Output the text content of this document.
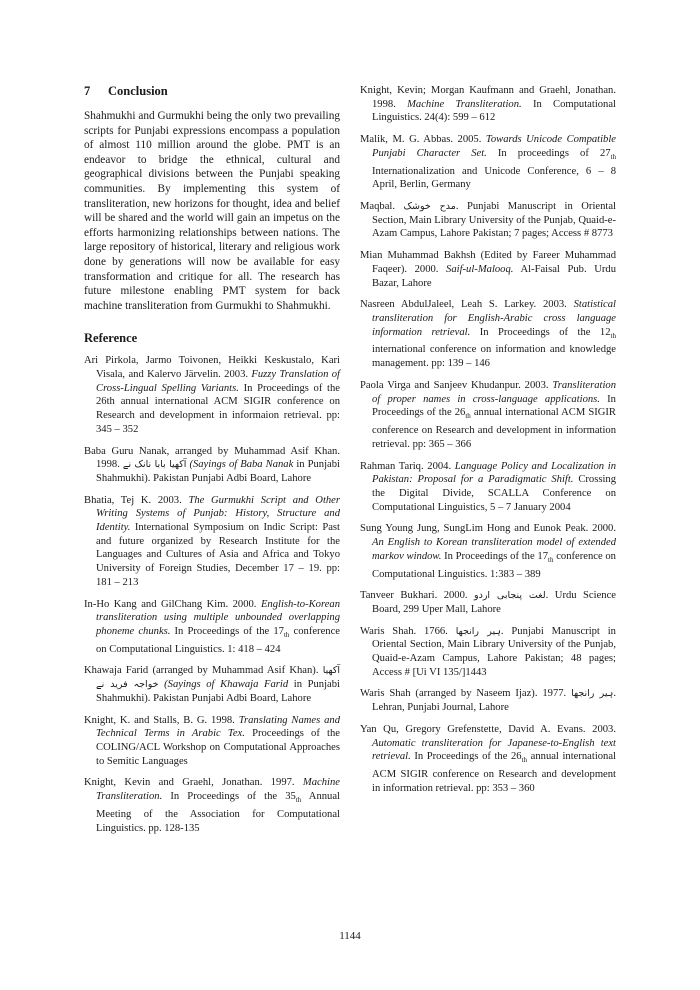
7 Conclusion

Shahmukhi and Gurmukhi being the only two prevailing scripts for Punjabi expressions encompass a population of almost 110 million around the globe. PMT is an endeavor to bridge the ethnical, cultural and geographical divisions between the Punjabi speaking communities. By implementing this system of transliteration, new horizons for thought, idea and belief will be shared and the world will gain an impetus on the efforts harmonizing relationships between nations. The large repository of historical, literary and religious work done by generations will now be available for easy transformation and critique for all. The research has future milestone enabling PMT system for back machine transliteration from Gurmukhi to Shahmukhi.

Reference

Ari Pirkola, Jarmo Toivonen, Heikki Keskustalo, Kari Visala, and Kalervo Järvelin. 2003. Fuzzy Translation of Cross-Lingual Spelling Variants. In Proceedings of the 26th annual international ACM SIGIR conference on Research and development in informaion retrieval. pp: 345 – 352

Baba Guru Nanak, arranged by Muhammad Asif Khan. 1998. آکھیا بابا نانک نے (Sayings of Baba Nanak in Punjabi Shahmukhi). Pakistan Punjabi Adbi Board, Lahore

Bhatia, Tej K. 2003. The Gurmukhi Script and Other Writing Systems of Punjab: History, Structure and Identity. International Symposium on Indic Script: Past and future organized by Research Institute for the Languages and Cultures of Asia and Africa and Tokyo University of Foreign Studies, December 17 – 19. pp: 181 – 213

In-Ho Kang and GilChang Kim. 2000. English-to-Korean transliteration using multiple unbounded overlapping phoneme chunks. In Proceedings of the $17_{th}$ conference on Computational Linguistics. 1: 418 – 424

Khawaja Farid (arranged by Muhammad Asif Khan). آکھیا خواجہ فرید نے (Sayings of Khawaja Farid in Punjabi Shahmukhi). Pakistan Punjabi Adbi Board, Lahore

Knight, K. and Stalls, B. G. 1998. Translating Names and Technical Terms in Arabic Tex. Proceedings of the COLING/ACL Workshop on Computational Approaches to Semitic Languages

Knight, Kevin and Graehl, Jonathan. 1997. Machine Transliteration. In Proceedings of the $35_{th}$ Annual Meeting of the Association for Computational Linguistics. pp. 128-135

Knight, Kevin; Morgan Kaufmann and Graehl, Jonathan. 1998. Machine Transliteration. In Computational Linguistics. 24(4): 599 – 612

Malik, M. G. Abbas. 2005. Towards Unicode Compatible Punjabi Character Set. In proceedings of $27_{th}$ Internationalization and Unicode Conference, 6 – 8 April, Berlin, Germany

Maqbal. مدح خوشک. Punjabi Manuscript in Oriental Section, Main Library University of the Punjab, Quaid-e-Azam Campus, Lahore Pakistan; 7 pages; Access # 8773

Mian Muhammad Bakhsh (Edited by Fareer Muhammad Faqeer). 2000. Saif-ul-Malooq. Al-Faisal Pub. Urdu Bazar, Lahore

Nasreen AbdulJaleel, Leah S. Larkey. 2003. Statistical transliteration for English-Arabic cross language information retrieval. In Proceedings of the $12_{th}$ international conference on information and knowledge management. pp: 139 – 146

Paola Virga and Sanjeev Khudanpur. 2003. Transliteration of proper names in cross-language applications. In Proceedings of the $26_{th}$ annual international ACM SIGIR conference on Research and development in information retrieval. pp: 365 – 366

Rahman Tariq. 2004. Language Policy and Localization in Pakistan: Proposal for a Paradigmatic Shift. Crossing the Digital Divide, SCALLA Conference on Computational Linguistics, 5 – 7 January 2004

Sung Young Jung, SungLim Hong and Eunok Peak. 2000. An English to Korean transliteration model of extended markov window. In Proceedings of the $17_{th}$ conference on Computational Linguistics. 1:383 – 389

Tanveer Bukhari. 2000. لغت پنجابی اردو. Urdu Science Board, 299 Uper Mall, Lahore

Waris Shah. 1766. ہیر رانجھا. Punjabi Manuscript in Oriental Section, Main Library University of the Punjab, Quaid-e-Azam Campus, Lahore Pakistan; 48 pages; Access # [Ui VI 135/]1443

Waris Shah (arranged by Naseem Ijaz). 1977. ہیر رانجھا. Lehran, Punjabi Journal, Lahore

Yan Qu, Gregory Grefenstette, David A. Evans. 2003. Automatic transliteration for Japanese-to-English text retrieval. In Proceedings of the $26_{th}$ annual international ACM SIGIR conference on Research and development in information retrieval. pp: 353 – 360

1144
